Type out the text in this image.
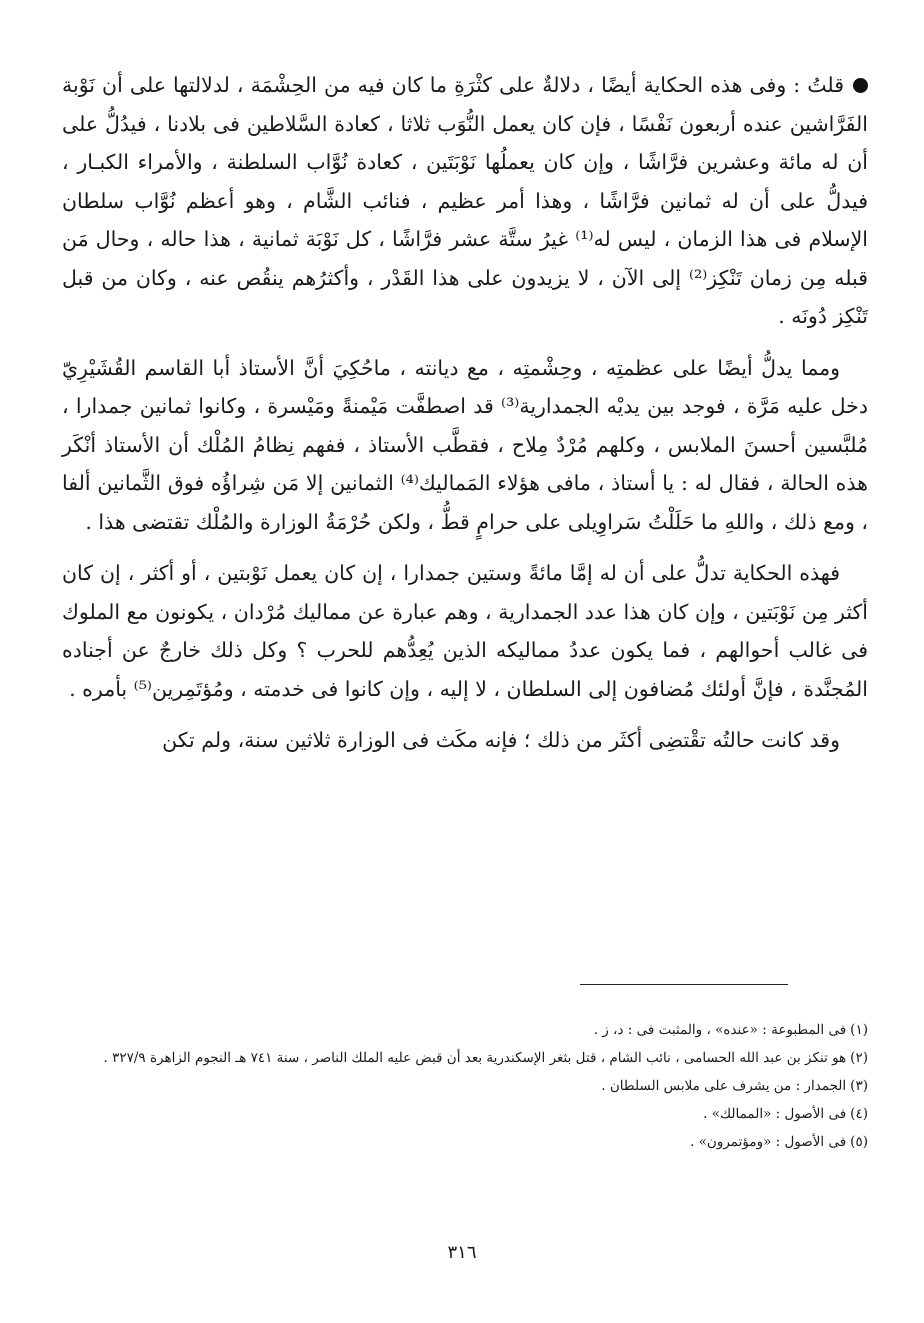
قلتُ : وفى هذه الحكاية أيضًا ، دلالةٌ على كثْرَةِ ما كان فيه من الحِشْمَة ، لدلالتها على أن نَوْبة الفَرَّاشين عنده أربعون نَفْسًا ، فإن كان يعمل النُّوَب ثلاثا ، كعادة السَّلاطين فى بلادنا ، فيدُلُّ على أن له مائة وعشرين فرَّاشًا ، وإن كان يعملُها نَوْبَتَين ، كعادة نُوَّاب السلطنة ، والأمراء الكبـار ، فيدلُّ على أن له ثمانين فرَّاشًا ، وهذا أمر عظيم ، فنائب الشَّام ، وهو أعظم نُوَّاب سلطان الإسلام فى هذا الزمان ، ليس له⁽¹⁾ غيرُ ستَّة عشر فرَّاشًا ، كل نَوْبَة ثمانية ، هذا حاله ، وحال مَن قبله مِن زمان تَنْكِز⁽²⁾ إلى الآن ، لا يزيدون على هذا القَدْر ، وأكثرُهم ينقُص عنه ، وكان من قبل تَنْكِز دُونَه .

ومما يدلُّ أيضًا على عظمتِه ، وحِشْمتِه ، مع ديانته ، ماحُكِيَ أنَّ الأستاذ أبا القاسم القُشَيْرِيّ دخل عليه مَرَّة ، فوجد بين يديْه الجمدارية⁽³⁾ قد اصطفَّت مَيْمنةً ومَيْسرة ، وكانوا ثمانين جمدارا ، مُلبَّسين أحسنَ الملابس ، وكلهم مُرْدٌ مِلاح ، فقطَّب الأستاذ ، ففهم نِظامُ المُلْك أن الأستاذ أنْكَر هذه الحالة ، فقال له : يا أستاذ ، مافى هؤلاء المَماليك⁽⁴⁾ الثمانين إلا مَن شِراؤُه فوق الثَّمانين ألفا ، ومع ذلك ، واللهِ ما حَلَلْتُ سَراوِيلى على حرامٍ قطُّ ، ولكن حُرْمَةُ الوزارة والمُلْك تقتضى هذا .

فهذه الحكاية تدلُّ على أن له إمَّا مائةً وستين جمدارا ، إن كان يعمل نَوْبتين ، أو أكثر ، إن كان أكثر مِن نَوْبَتين ، وإن كان هذا عدد الجمدارية ، وهم عبارة عن مماليك مُرْدان ، يكونون مع الملوك فى غالب أحوالهم ، فما يكون عددُ مماليكه الذين يُعِدُّهم للحرب ؟ وكل ذلك خارجٌ عن أجناده المُجنَّدة ، فإنَّ أولئك مُضافون إلى السلطان ، لا إليه ، وإن كانوا فى خدمته ، ومُؤتَمِرين⁽⁵⁾ بأمره .

وقد كانت حالتُه تقْتضِى أكثَر من ذلك ؛ فإنه مكَث فى الوزارة ثلاثين سنة، ولم تكن

(١)فى المطبوعة : «عنده» ، والمثبت فى : د، ز .

(٢)هو تنكز بن عبد الله الحسامى ، نائب الشام ، قتل بثغر الإسكندرية بعد أن قبض عليه الملك الناصر ، سنة ٧٤١ هـ النجوم الزاهرة ٣٢٧/٩ .

(٣)الجمدار : من يشرف على ملابس السلطان .

(٤)فى الأصول : «الممالك» .

(٥)فى الأصول : «ومؤتمرون» .

٣١٦
